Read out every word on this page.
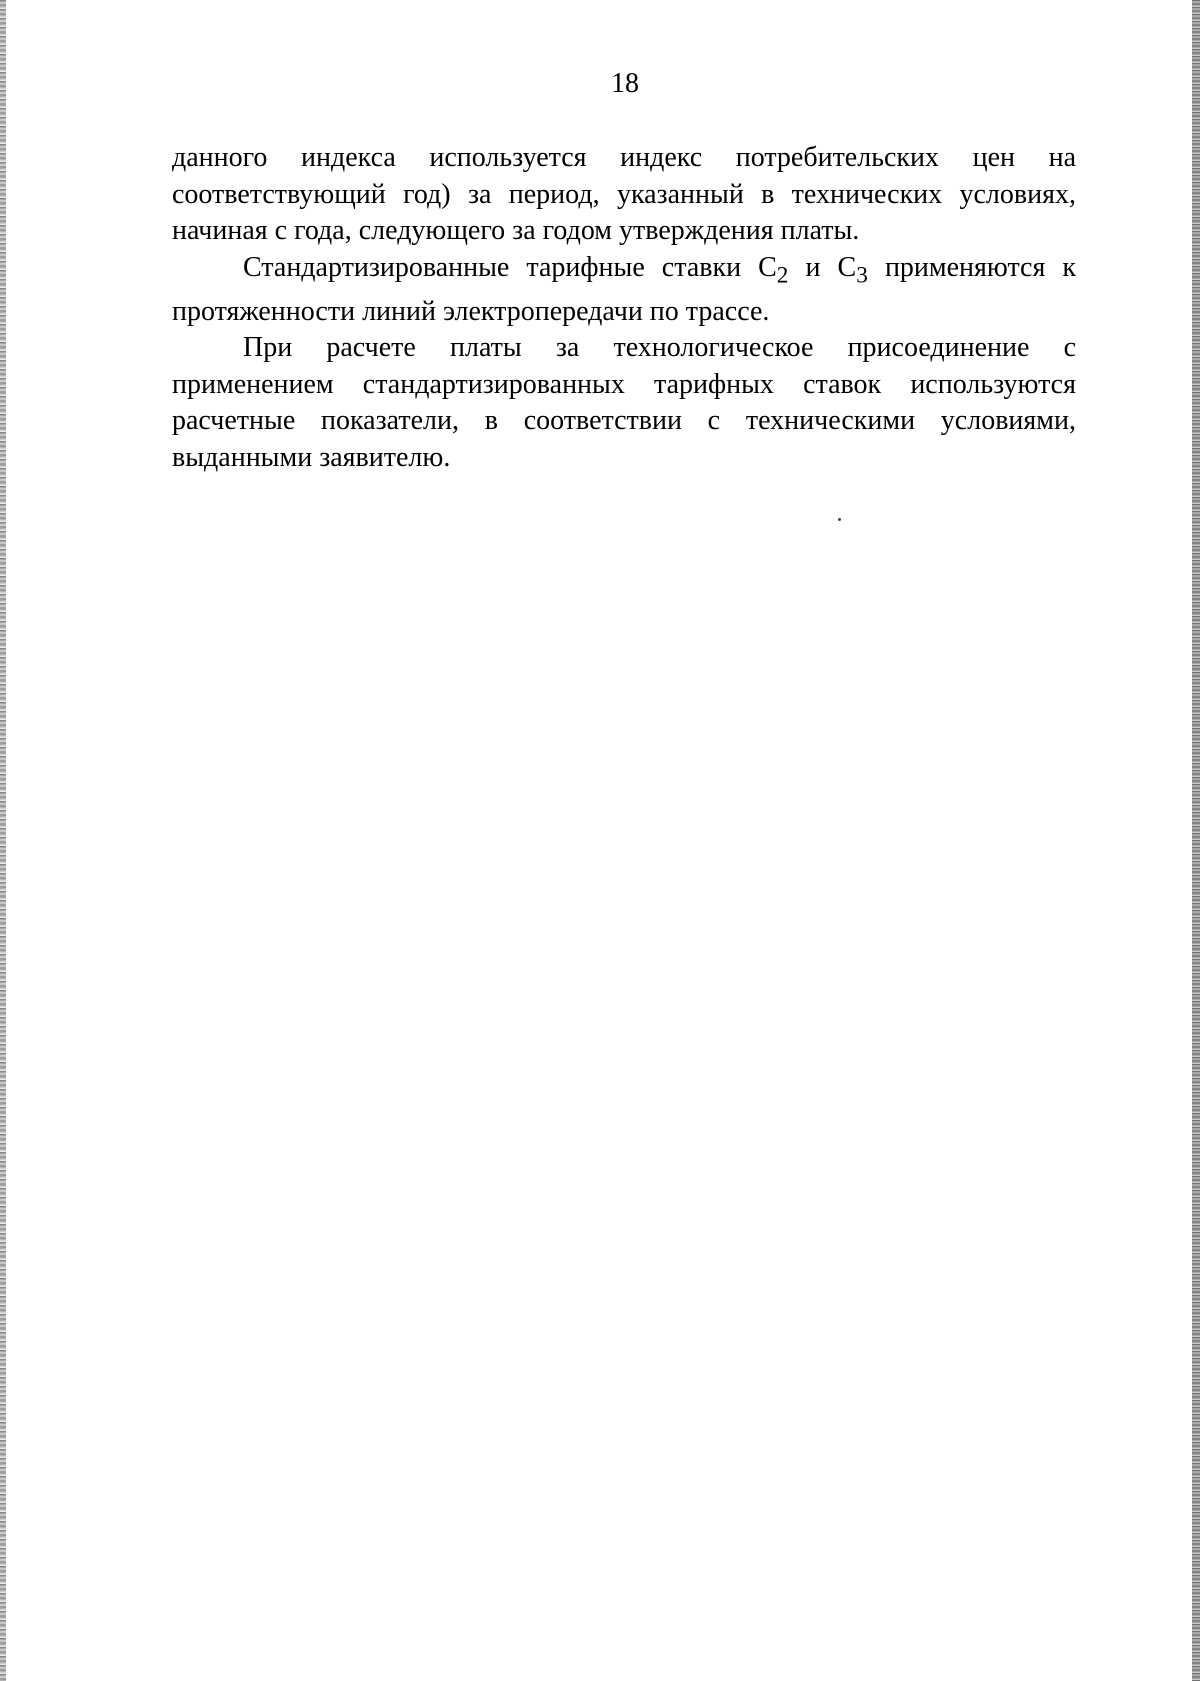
18

данного индекса используется индекс потребительских цен на соответствующий год) за период, указанный в технических условиях, начиная с года, следующего за годом утверждения платы.

Стандартизированные тарифные ставки $С_2$ и $С_3$ применяются к протяженности линий электропередачи по трассе.

При расчете платы за технологическое присоединение с применением стандартизированных тарифных ставок используются расчетные показатели, в соответствии с техническими условиями, выданными заявителю.
